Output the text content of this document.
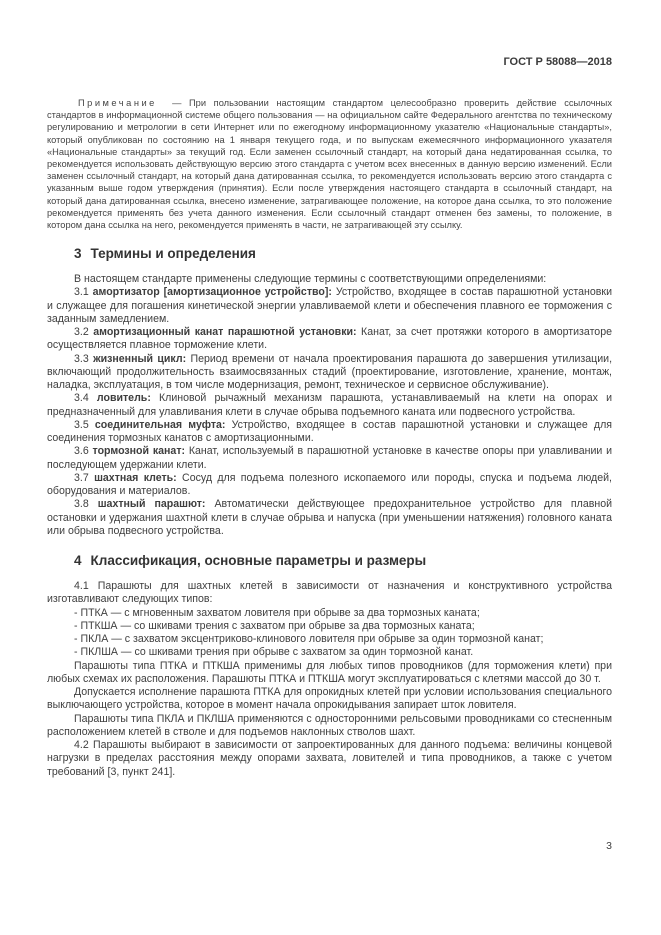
ГОСТ Р 58088—2018

Примечание  — При пользовании настоящим стандартом целесообразно проверить действие ссылочных стандартов в информационной системе общего пользования — на официальном сайте Федерального агентства по техническому регулированию и метрологии в сети Интернет или по ежегодному информационному указателю «Национальные стандарты», который опубликован по состоянию на 1 января текущего года, и по выпускам ежемесячного информационного указателя «Национальные стандарты» за текущий год. Если заменен ссылочный стандарт, на который дана недатированная ссылка, то рекомендуется использовать действующую версию этого стандарта с учетом всех внесенных в данную версию изменений. Если заменен ссылочный стандарт, на который дана датированная ссылка, то рекомендуется использовать версию этого стандарта с указанным выше годом утверждения (принятия). Если после утверждения настоящего стандарта в ссылочный стандарт, на который дана датированная ссылка, внесено изменение, затрагивающее положение, на которое дана ссылка, то это положение рекомендуется применять без учета данного изменения. Если ссылочный стандарт отменен без замены, то положение, в котором дана ссылка на него, рекомендуется применять в части, не затрагивающей эту ссылку.

3 Термины и определения

В настоящем стандарте применены следующие термины с соответствующими определениями:

3.1 амортизатор [амортизационное устройство]: Устройство, входящее в состав парашютной установки и служащее для погашения кинетической энергии улавливаемой клети и обеспечения плавного ее торможения с заданным замедлением.

3.2 амортизационный канат парашютной установки: Канат, за счет протяжки которого в амортизаторе осуществляется плавное торможение клети.

3.3 жизненный цикл: Период времени от начала проектирования парашюта до завершения утилизации, включающий продолжительность взаимосвязанных стадий (проектирование, изготовление, хранение, монтаж, наладка, эксплуатация, в том числе модернизация, ремонт, техническое и сервисное обслуживание).

3.4 ловитель: Клиновой рычажный механизм парашюта, устанавливаемый на клети на опорах и предназначенный для улавливания клети в случае обрыва подъемного каната или подвесного устройства.

3.5 соединительная муфта: Устройство, входящее в состав парашютной установки и служащее для соединения тормозных канатов с амортизационными.

3.6 тормозной канат: Канат, используемый в парашютной установке в качестве опоры при улавливании и последующем удержании клети.

3.7 шахтная клеть: Сосуд для подъема полезного ископаемого или породы, спуска и подъема людей, оборудования и материалов.

3.8 шахтный парашют: Автоматически действующее предохранительное устройство для плавной остановки и удержания шахтной клети в случае обрыва и напуска (при уменьшении натяжения) головного каната или обрыва подвесного устройства.

4 Классификация, основные параметры и размеры

4.1 Парашюты для шахтных клетей в зависимости от назначения и конструктивного устройства изготавливают следующих типов:

- ПТКА — с мгновенным захватом ловителя при обрыве за два тормозных каната;

- ПТКША — со шкивами трения с захватом при обрыве за два тормозных каната;

- ПКЛА — с захватом эксцентриково-клинового ловителя при обрыве за один тормозной канат;

- ПКЛША — со шкивами трения при обрыве с захватом за один тормозной канат.

Парашюты типа ПТКА и ПТКША применимы для любых типов проводников (для торможения клети) при любых схемах их расположения. Парашюты ПТКА и ПТКША могут эксплуатироваться с клетями массой до 30 т.

Допускается исполнение парашюта ПТКА для опрокидных клетей при условии использования специального выключающего устройства, которое в момент начала опрокидывания запирает шток ловителя.

Парашюты типа ПКЛА и ПКЛША применяются с односторонними рельсовыми проводниками со стесненным расположением клетей в стволе и для подъемов наклонных стволов шахт.

4.2 Парашюты выбирают в зависимости от запроектированных для данного подъема: величины концевой нагрузки в пределах расстояния между опорами захвата, ловителей и типа проводников, а также с учетом требований [3, пункт 241].

3
